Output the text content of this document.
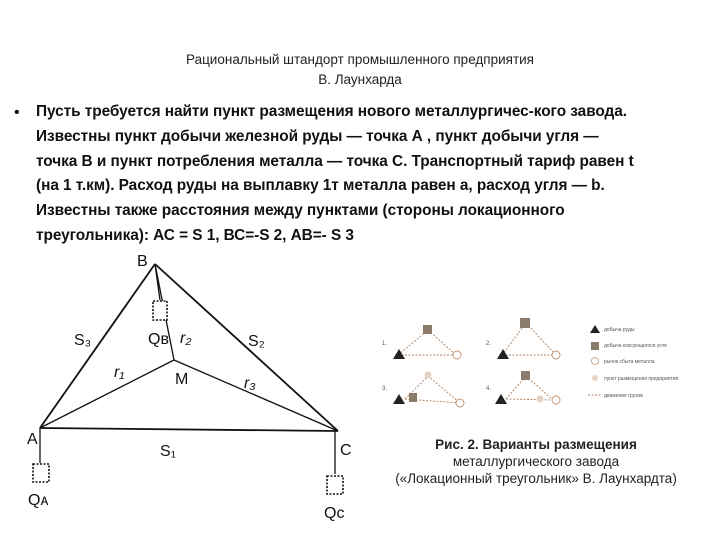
Рациональный штандорт промышленного предприятия
В. Лаунхарда
• Пусть требуется найти пункт размещения нового металлургичес-кого завода.
Известны пункт добычи железной руды — точка А , пункт добычи угля —
точка В и пункт потребления металла — точка С. Транспортный тариф равен t
(на 1 т.км). Расход руды на выплавку 1т металла равен а, расход угля — b.
Известны также расстояния между пунктами (стороны локационного
треугольника): АС = S 1, ВС=-S 2, АВ=- S 3
B
A
C
S₃	S₂
S₁
Qв
Qᴀ
Qc
M
r₁
r₂
r₃
1.	2.
3.	4.
добыча руды
добыча коксующегося угля
рынок сбыта металла
пункт размещения предприятия
движение грузов
Рис. 2. Варианты размещения
металлургического завода
(«Локационный треугольник» В. Лаунхардта)
